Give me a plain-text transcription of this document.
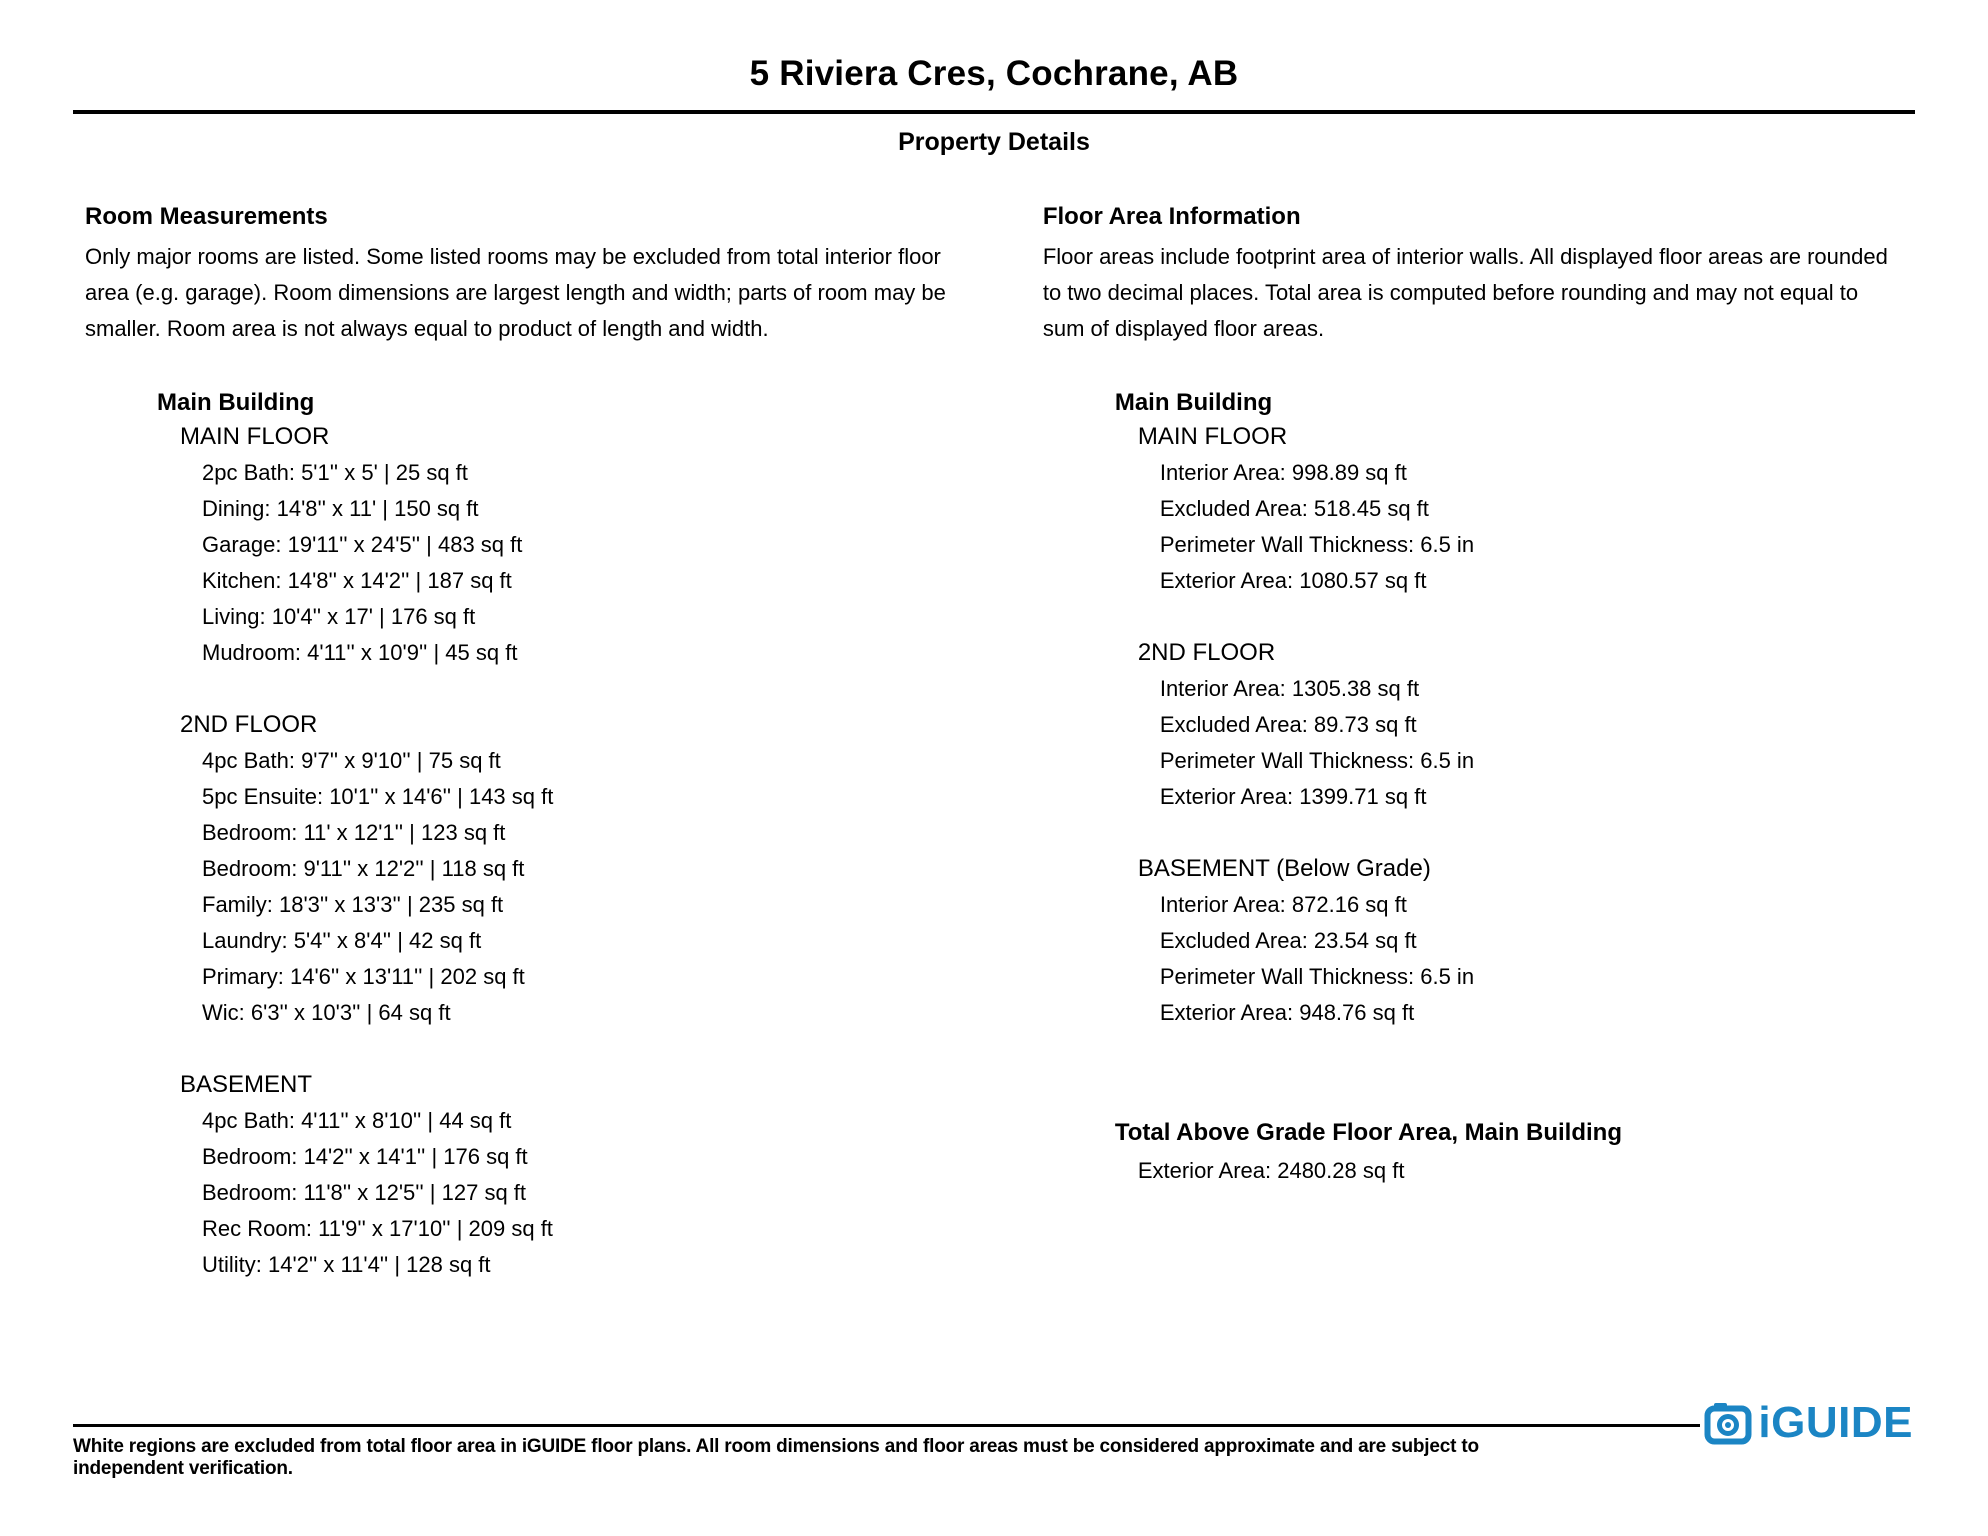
5 Riviera Cres, Cochrane, AB
Property Details
Room Measurements
Only major rooms are listed. Some listed rooms may be excluded from total interior floor area (e.g. garage). Room dimensions are largest length and width; parts of room may be smaller. Room area is not always equal to product of length and width.
Main Building
MAIN FLOOR
2pc Bath: 5'1'' x 5' | 25 sq ft
Dining: 14'8'' x 11' | 150 sq ft
Garage: 19'11'' x 24'5'' | 483 sq ft
Kitchen: 14'8'' x 14'2'' | 187 sq ft
Living: 10'4'' x 17' | 176 sq ft
Mudroom: 4'11'' x 10'9'' | 45 sq ft
2ND FLOOR
4pc Bath: 9'7'' x 9'10'' | 75 sq ft
5pc Ensuite: 10'1'' x 14'6'' | 143 sq ft
Bedroom: 11' x 12'1'' | 123 sq ft
Bedroom: 9'11'' x 12'2'' | 118 sq ft
Family: 18'3'' x 13'3'' | 235 sq ft
Laundry: 5'4'' x 8'4'' | 42 sq ft
Primary: 14'6'' x 13'11'' | 202 sq ft
Wic: 6'3'' x 10'3'' | 64 sq ft
BASEMENT
4pc Bath: 4'11'' x 8'10'' | 44 sq ft
Bedroom: 14'2'' x 14'1'' | 176 sq ft
Bedroom: 11'8'' x 12'5'' | 127 sq ft
Rec Room: 11'9'' x 17'10'' | 209 sq ft
Utility: 14'2'' x 11'4'' | 128 sq ft
Floor Area Information
Floor areas include footprint area of interior walls. All displayed floor areas are rounded to two decimal places. Total area is computed before rounding and may not equal to sum of displayed floor areas.
Main Building
MAIN FLOOR
Interior Area: 998.89 sq ft
Excluded Area: 518.45 sq ft
Perimeter Wall Thickness: 6.5 in
Exterior Area: 1080.57 sq ft
2ND FLOOR
Interior Area: 1305.38 sq ft
Excluded Area: 89.73 sq ft
Perimeter Wall Thickness: 6.5 in
Exterior Area: 1399.71 sq ft
BASEMENT (Below Grade)
Interior Area: 872.16 sq ft
Excluded Area: 23.54 sq ft
Perimeter Wall Thickness: 6.5 in
Exterior Area: 948.76 sq ft
Total Above Grade Floor Area, Main Building
Exterior Area: 2480.28 sq ft
White regions are excluded from total floor area in iGUIDE floor plans. All room dimensions and floor areas must be considered approximate and are subject to independent verification.
iGUIDE
